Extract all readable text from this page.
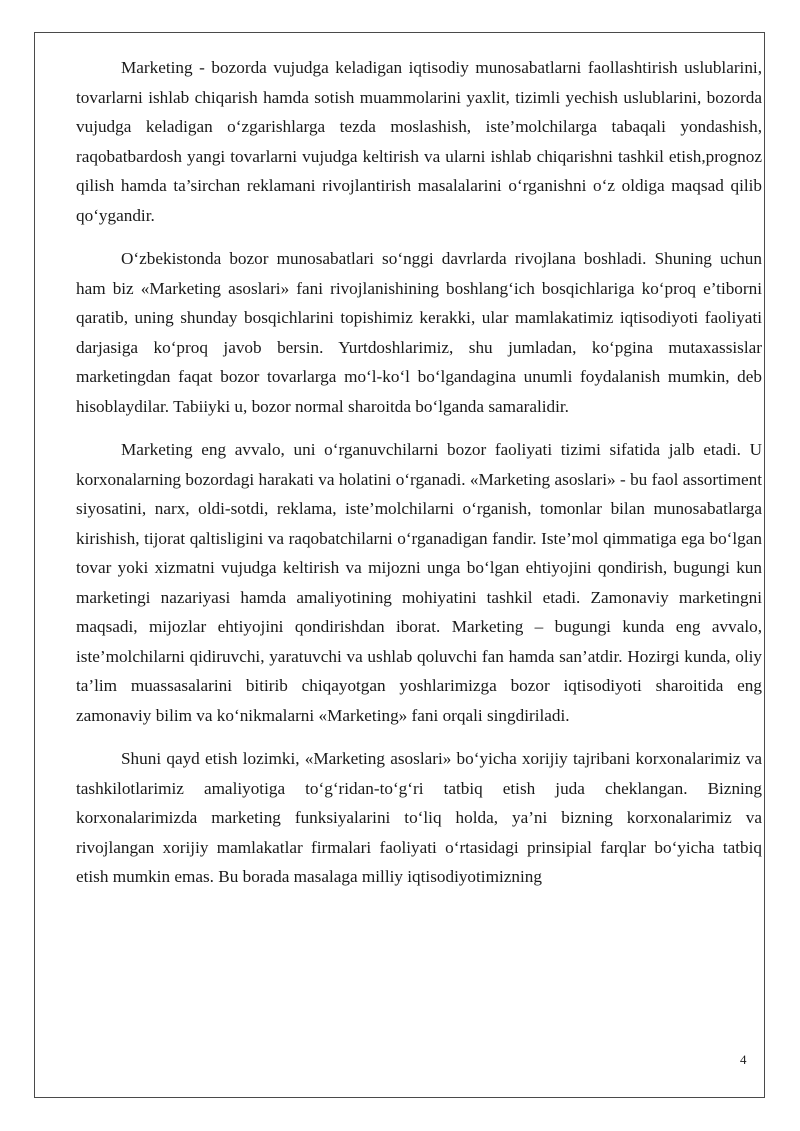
Marketing - bozorda vujudga keladigan iqtisodiy munosabatlarni faollashtirish uslublarini, tovarlarni ishlab chiqarish hamda sotish muammolarini yaxlit, tizimli yechish uslublarini, bozorda vujudga keladigan o‘zgarishlarga tezda moslashish, iste’molchilarga tabaqali yondashish, raqobatbardosh yangi tovarlarni vujudga keltirish va ularni ishlab chiqarishni tashkil etish,prognoz qilish hamda ta’sirchan reklamani rivojlantirish masalalarini o‘rganishni o‘z oldiga maqsad qilib qo‘ygandir.

O‘zbekistonda bozor munosabatlari so‘nggi davrlarda rivojlana boshladi. Shuning uchun ham biz «Marketing asoslari» fani rivojlanishining boshlang‘ich bosqichlariga ko‘proq e’tiborni qaratib, uning shunday bosqichlarini topishimiz kerakki, ular mamlakatimiz iqtisodiyoti faoliyati darjasiga ko‘proq javob bersin. Yurtdoshlarimiz, shu jumladan, ko‘pgina mutaxassislar marketingdan faqat bozor tovarlarga mo‘l-ko‘l bo‘lgandagina unumli foydalanish mumkin, deb hisoblaydilar. Tabiiyki u, bozor normal sharoitda bo‘lganda samaralidir.

Marketing eng avvalo, uni o‘rganuvchilarni bozor faoliyati tizimi sifatida jalb etadi. U korxonalarning bozordagi harakati va holatini o‘rganadi. «Marketing asoslari» - bu faol assortiment siyosatini, narx, oldi-sotdi, reklama, iste’molchilarni o‘rganish, tomonlar bilan munosabatlarga kirishish, tijorat qaltisligini va raqobatchilarni o‘rganadigan fandir. Iste’mol qimmatiga ega bo‘lgan tovar yoki xizmatni vujudga keltirish va mijozni unga bo‘lgan ehtiyojini qondirish, bugungi kun marketingi nazariyasi hamda amaliyotining mohiyatini tashkil etadi. Zamonaviy marketingni maqsadi, mijozlar ehtiyojini qondirishdan iborat. Marketing – bugungi kunda eng avvalo, iste’molchilarni qidiruvchi, yaratuvchi va ushlab qoluvchi fan hamda san’atdir. Hozirgi kunda, oliy ta’lim muassasalarini bitirib chiqayotgan yoshlarimizga bozor iqtisodiyoti sharoitida eng zamonaviy bilim va ko‘nikmalarni «Marketing» fani orqali singdiriladi.

Shuni qayd etish lozimki, «Marketing asoslari» bo‘yicha xorijiy tajribani korxonalarimiz va tashkilotlarimiz amaliyotiga to‘g‘ridan-to‘g‘ri tatbiq etish juda cheklangan. Bizning korxonalarimizda marketing funksiyalarini to‘liq holda, ya’ni bizning korxonalarimiz va rivojlangan xorijiy mamlakatlar firmalari faoliyati o‘rtasidagi prinsipial farqlar bo‘yicha tatbiq etish mumkin emas. Bu borada masalaga milliy iqtisodiyotimizning

4
